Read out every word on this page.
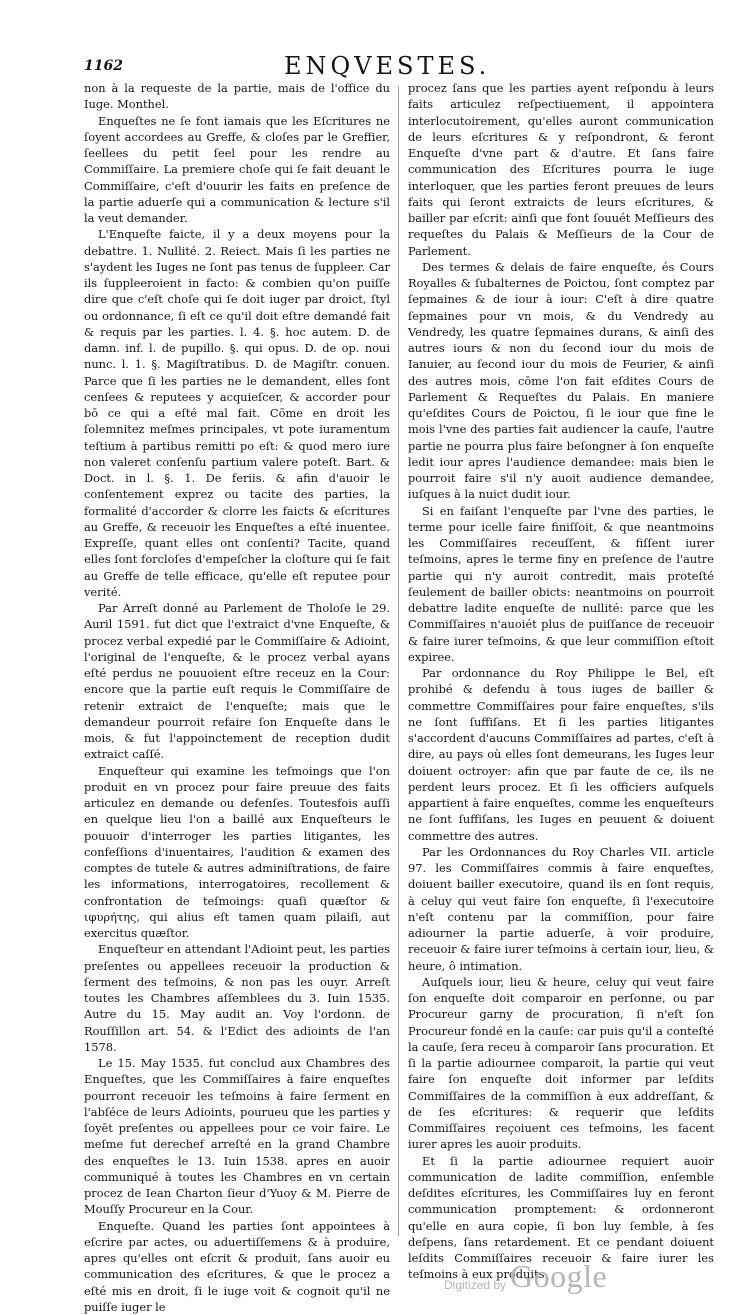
1162	ENQVESTES.

non à la requeste de la partie, mais de l'office du Iuge. Monthel.

Enqueſtes ne ſe font iamais que les Eſcritures ne ſoyent accordees au Greffe, & cloſes par le Greffier, ſeellees du petit ſeel pour les rendre au Commiſſaire. La premiere choſe qui ſe fait deuant le Commiſſaire, c'eſt d'ouurir les faits en preſence de la partie aduerſe qui a communication & lecture s'il la veut demander.

L'Enqueſte faicte, il y a deux moyens pour la debattre. 1. Nullité. 2. Reiect. Mais ſi les parties ne s'aydent les Iuges ne ſont pas tenus de ſuppleer. Car ils ſuppleeroient in facto: & combien qu'on puiſſe dire que c'eſt choſe qui ſe doit iuger par droict, ſtyl ou ordonnance, ſi eſt ce qu'il doit eſtre demandé fait & requis par les parties. l. 4. §. hoc autem. D. de damn. inf. l. de pupillo. §. qui opus. D. de op. noui nunc. l. 1. §. Magiſtratibus. D. de Magiſtr. conuen. Parce que ſi les parties ne le demandent, elles ſont cenſees & reputees y acquieſcer, & accorder pour bō ce qui a eſté mal fait. Cōme en droit les ſolemnitez meſmes principales, vt pote iuramentum teſtium à partibus remitti po eſt: & quod mero iure non valeret conſenſu partium valere poteſt. Bart. & Doct. in l. §. 1. De feriis. & afin d'auoir le conſentement exprez ou tacite des parties, la formalité d'accorder & clorre les faicts & eſcritures au Greffe, & receuoir les Enqueſtes a eſté inuentee. Expreſſe, quant elles ont conſenti? Tacite, quand elles ſont forcloſes d'empeſcher la cloſture qui ſe fait au Greffe de telle efficace, qu'elle eſt reputee pour verité.

Par Arreſt donné au Parlement de Tholoſe le 29. Auril 1591. fut dict que l'extraict d'vne Enqueſte, & procez verbal expedié par le Commiſſaire & Adioint, l'original de l'enqueſte, & le procez verbal ayans eſté perdus ne pouuoient eſtre receuz en la Cour: encore que la partie euſt requis le Commiſſaire de retenir extraict de l'enqueſte; mais que le demandeur pourroit refaire ſon Enqueſte dans le mois, & fut l'appoinctement de reception dudit extraict caſſé.

Enqueſteur qui examine les teſmoings que l'on produit en vn procez pour faire preuue des faits articulez en demande ou defenſes. Toutesfois auſſi en quelque lieu l'on a baillé aux Enqueſteurs le pouuoir d'interroger les parties litigantes, les confeſſions d'inuentaires, l'audition & examen des comptes de tutele & autres adminiſtrations, de faire les informations, interrogatoires, recollement & confrontation de teſmoings: quaſi quæſtor & ιφυρήτης, qui alius eſt tamen quam pilaiſi, aut exercitus quæſtor.

Enqueſteur en attendant l'Adioint peut, les parties preſentes ou appellees receuoir la production & ſerment des teſmoins, & non pas les ouyr. Arreſt toutes les Chambres aſſemblees du 3. Iuin 1535. Autre du 15. May audit an. Voy l'ordonn. de Rouſſillon art. 54. & l'Edict des adioints de l'an 1578.

Le 15. May 1535. fut conclud aux Chambres des Enqueſtes, que les Commiſſaires à faire enqueſtes pourront receuoir les teſmoins à faire ſerment en l'abſéce de leurs Adioints, pourueu que les parties y ſoyēt preſentes ou appellees pour ce voir faire. Le meſme fut derechef arreſté en la grand Chambre des enqueſtes le 13. Iuin 1538. apres en auoir communiqué à toutes les Chambres en vn certain procez de Iean Charton ſieur d'Yuoy & M. Pierre de Mouſſy Procureur en la Cour.

Enqueſte. Quand les parties ſont appointees à eſcrire par actes, ou aduertiſſemens & à produire, apres qu'elles ont eſcrit & produit, ſans auoir eu communication des eſcritures, & que le procez a eſté mis en droit, ſi le iuge voit & cognoit qu'il ne puiſſe iuger le

procez ſans que les parties ayent reſpondu à leurs faits articulez reſpectiuement, il appointera interlocutoirement, qu'elles auront communication de leurs eſcritures & y reſpondront, & feront Enqueſte d'vne part & d'autre. Et ſans faire communication des Eſcritures pourra le iuge interloquer, que les parties feront preuues de leurs faits qui ſeront extraicts de leurs eſcritures, & bailler par eſcrit: ainſi que font ſouuét Meſſieurs des requeſtes du Palais & Meſſieurs de la Cour de Parlement.

Des termes & delais de faire enqueſte, és Cours Royalles & ſubalternes de Poictou, ſont comptez par ſepmaines & de iour à iour: C'eſt à dire quatre ſepmaines pour vn mois, & du Vendredy au Vendredy, les quatre ſepmaines durans, & ainſi des autres iours & non du ſecond iour du mois de Ianuier, au ſecond iour du mois de Feurier, & ainſi des autres mois, cōme l'on fait eſdites Cours de Parlement & Requeſtes du Palais. En maniere qu'eſdites Cours de Poictou, ſi le iour que fine le mois l'vne des parties fait audiencer la cauſe, l'autre partie ne pourra plus faire beſongner à ſon enqueſte ledit iour apres l'audience demandee: mais bien le pourroit faire s'il n'y auoit audience demandee, iuſques à la nuict dudit iour.

Si en faiſant l'enqueſte par l'vne des parties, le terme pour icelle faire finiſſoit, & que neantmoins les Commiſſaires receuſſent, & fiſſent iurer teſmoins, apres le terme finy en preſence de l'autre partie qui n'y auroit contredit, mais proteſté ſeulement de bailler obicts: neantmoins on pourroit debattre ladite enqueſte de nullité: parce que les Commiſſaires n'auoiét plus de puiſſance de receuoir & faire iurer teſmoins, & que leur commiſſion eſtoit expiree.

Par ordonnance du Roy Philippe le Bel, eſt prohibé & defendu à tous iuges de bailler & commettre Commiſſaires pour faire enqueſtes, s'ils ne ſont ſuffiſans. Et ſi les parties litigantes s'accordent d'aucuns Commiſſaires ad partes, c'eſt à dire, au pays où elles ſont demeurans, les Iuges leur doiuent octroyer: afin que par faute de ce, ils ne perdent leurs procez. Et ſi les officiers auſquels appartient à faire enqueſtes, comme les enqueſteurs ne ſont ſuffiſans, les Iuges en peuuent & doiuent commettre des autres.

Par les Ordonnances du Roy Charles VII. article 97. les Commiſſaires commis à faire enqueſtes, doiuent bailler executoire, quand ils en ſont requis, à celuy qui veut faire ſon enqueſte, ſi l'executoire n'eſt contenu par la commiſſion, pour faire adiourner la partie aduerſe, à voir produire, receuoir & faire iurer teſmoins à certain iour, lieu, & heure, ô intimation.

Auſquels iour, lieu & heure, celuy qui veut faire ſon enqueſte doit comparoir en perſonne, ou par Procureur garny de procuration, ſi n'eſt ſon Procureur fondé en la cauſe: car puis qu'il a conteſté la cauſe, ſera receu à comparoir ſans procuration. Et ſi la partie adiournee comparoit, la partie qui veut faire ſon enqueſte doit informer par leſdits Commiſſaires de la commiſſion à eux addreſſant, & de ſes eſcritures: & requerir que leſdits Commiſſaires reçoiuent ces teſmoins, les facent iurer apres les auoir produits.

Et ſi la partie adiournee requiert auoir communication de ladite commiſſion, enſemble deſdites eſcritures, les Commiſſaires luy en feront communication promptement: & ordonneront qu'elle en aura copie, ſi bon luy ſemble, à ſes deſpens, ſans retardement. Et ce pendant doiuent leſdits Commiſſaires receuoir & faire iurer les teſmoins à eux produits.

Digitized by Google
